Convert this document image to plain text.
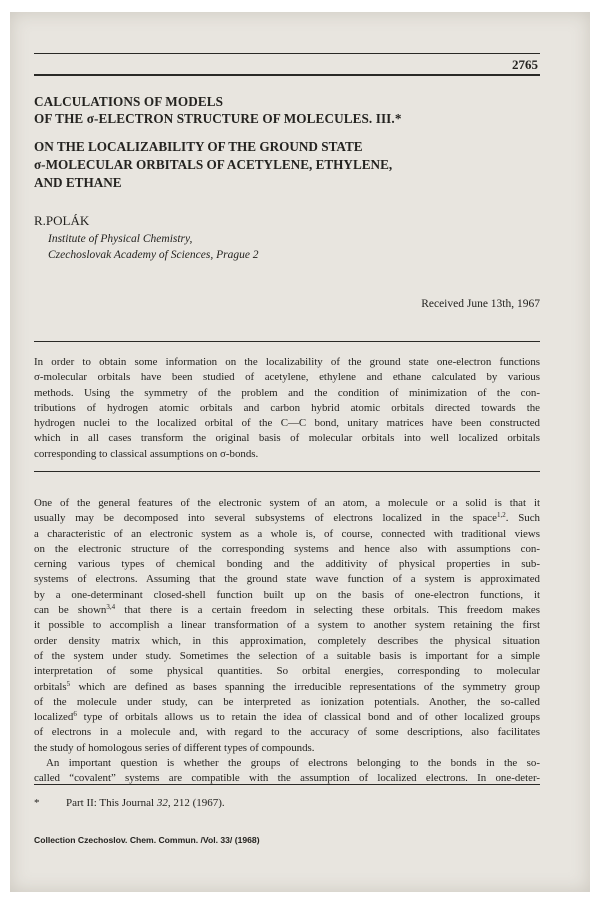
2765
CALCULATIONS OF MODELS
OF THE σ-ELECTRON STRUCTURE OF MOLECULES. III.*
ON THE LOCALIZABILITY OF THE GROUND STATE
σ-MOLECULAR ORBITALS OF ACETYLENE, ETHYLENE,
AND ETHANE
R.POLÁK
Institute of Physical Chemistry,
Czechoslovak Academy of Sciences, Prague 2
Received June 13th, 1967
In order to obtain some information on the localizability of the ground state one-electron functions
σ-molecular orbitals have been studied of acetylene, ethylene and ethane calculated by various
methods. Using the symmetry of the problem and the condition of minimization of the con-
tributions of hydrogen atomic orbitals and carbon hybrid atomic orbitals directed towards the
hydrogen nuclei to the localized orbital of the C—C bond, unitary matrices have been constructed
which in all cases transform the original basis of molecular orbitals into well localized orbitals
corresponding to classical assumptions on σ-bonds.
One of the general features of the electronic system of an atom, a molecule or a solid is that it
usually may be decomposed into several subsystems of electrons localized in the space$^{1,2}$. Such
a characteristic of an electronic system as a whole is, of course, connected with traditional views
on the electronic structure of the corresponding systems and hence also with assumptions con-
cerning various types of chemical bonding and the additivity of physical properties in sub-
systems of electrons. Assuming that the ground state wave function of a system is approximated
by a one-determinant closed-shell function built up on the basis of one-electron functions, it
can be shown$^{3,4}$ that there is a certain freedom in selecting these orbitals. This freedom makes
it possible to accomplish a linear transformation of a system to another system retaining the first
order density matrix which, in this approximation, completely describes the physical situation
of the system under study. Sometimes the selection of a suitable basis is important for a simple
interpretation of some physical quantities. So orbital energies, corresponding to molecular
orbitals$^5$ which are defined as bases spanning the irreducible representations of the symmetry group
of the molecule under study, can be interpreted as ionization potentials. Another, the so-called
localized$^6$ type of orbitals allows us to retain the idea of classical bond and of other localized groups
of electrons in a molecule and, with regard to the accuracy of some descriptions, also facilitates
the study of homologous series of different types of compounds.
An important question is whether the groups of electrons belonging to the bonds in the so-
called “covalent” systems are compatible with the assumption of localized electrons. In one-deter-
* Part II: This Journal 32, 212 (1967).
Collection Czechoslov. Chem. Commun. /Vol. 33/ (1968)
